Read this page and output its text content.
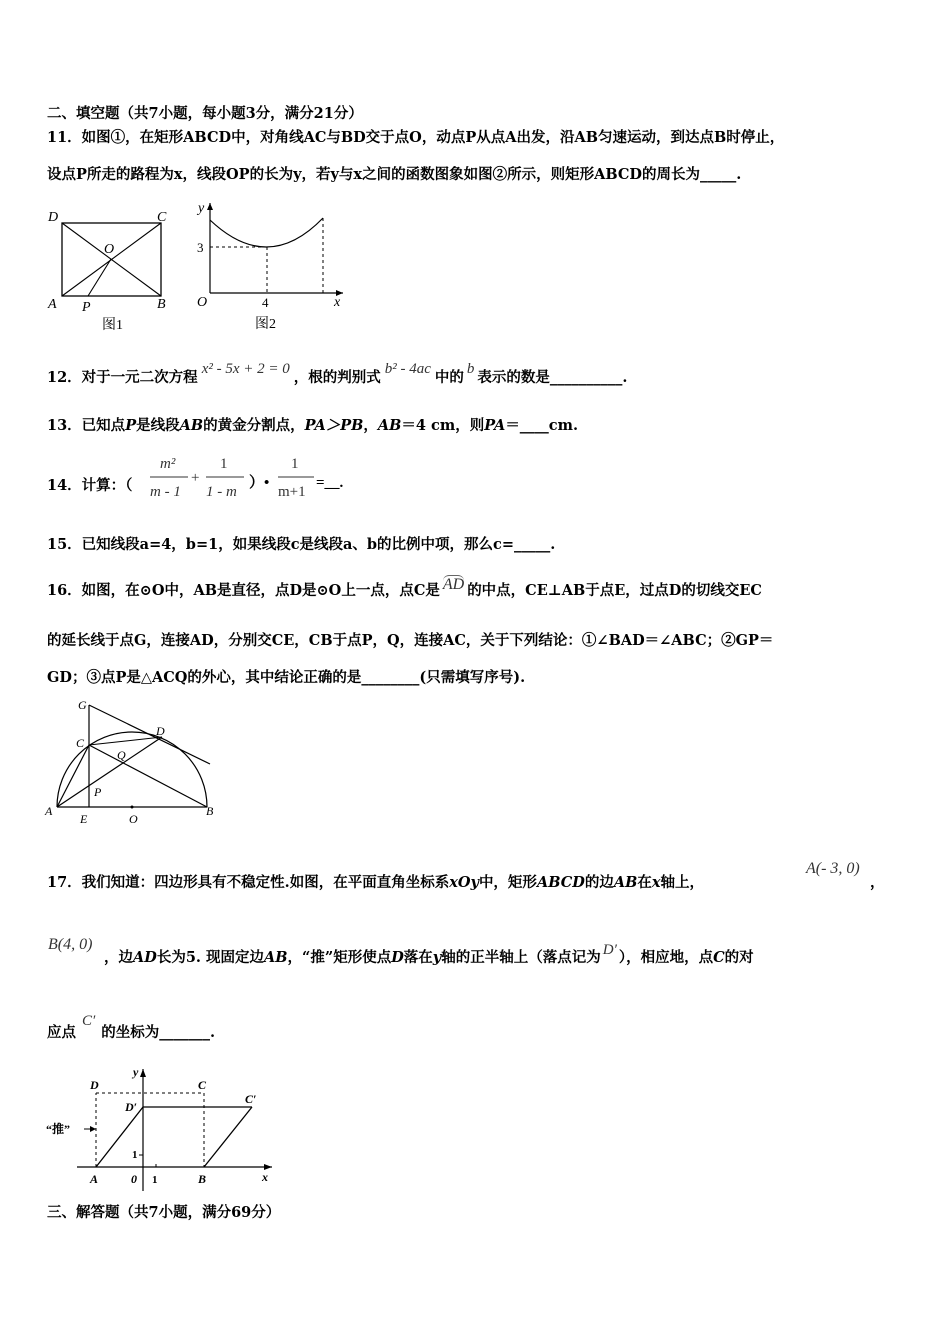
二、填空题（共7小题，每小题3分，满分21分）
11．如图①，在矩形ABCD中，对角线AC与BD交于点O，动点P从点A出发，沿AB匀速运动，到达点B时停止，
设点P所走的路程为x，线段OP的长为y，若y与x之间的函数图象如图②所示，则矩形ABCD的周长为_____.
D	C
O
A P	B
图1
y
3
O	4	x
图2
12．对于一元二次方程 x² - 5x + 2 = 0 ，根的判别式 b² - 4ac 中的 b 表示的数是__________.
13．已知点P是线段AB的黄金分割点，PA＞PB，AB＝4 cm，则PA＝____cm.
14．计算：（
m²
m - 1
+
1
1 - m
）•
1
m+1
=__.
15．已知线段a=4，b=1，如果线段c是线段a、b的比例中项，那么c=_____.
16．如图，在⊙O中，AB是直径，点D是⊙O上一点，点C是 AD 的中点，CE⊥AB于点E，过点D的切线交EC
的延长线于点G，连接AD，分别交CE，CB于点P，Q，连接AC，关于下列结论：①∠BAD＝∠ABC；②GP＝
GD；③点P是△ACQ的外心，其中结论正确的是________(只需填写序号).
G
C
D
Q
P
A
E	O
B
17．我们知道：四边形具有不稳定性.如图，在平面直角坐标系xOy中，矩形ABCD的边AB在x轴上，
A(- 3, 0)
，
B(4, 0)
，边AD长为5. 现固定边AB，“推”矩形使点D落在y轴的正半轴上（落点记为 D′ ），相应地，点C的对
应点C′的坐标为_______.
D	C
D′
C′
“推”
1
A	0 1	B
y
x
三、解答题（共7小题，满分69分）
